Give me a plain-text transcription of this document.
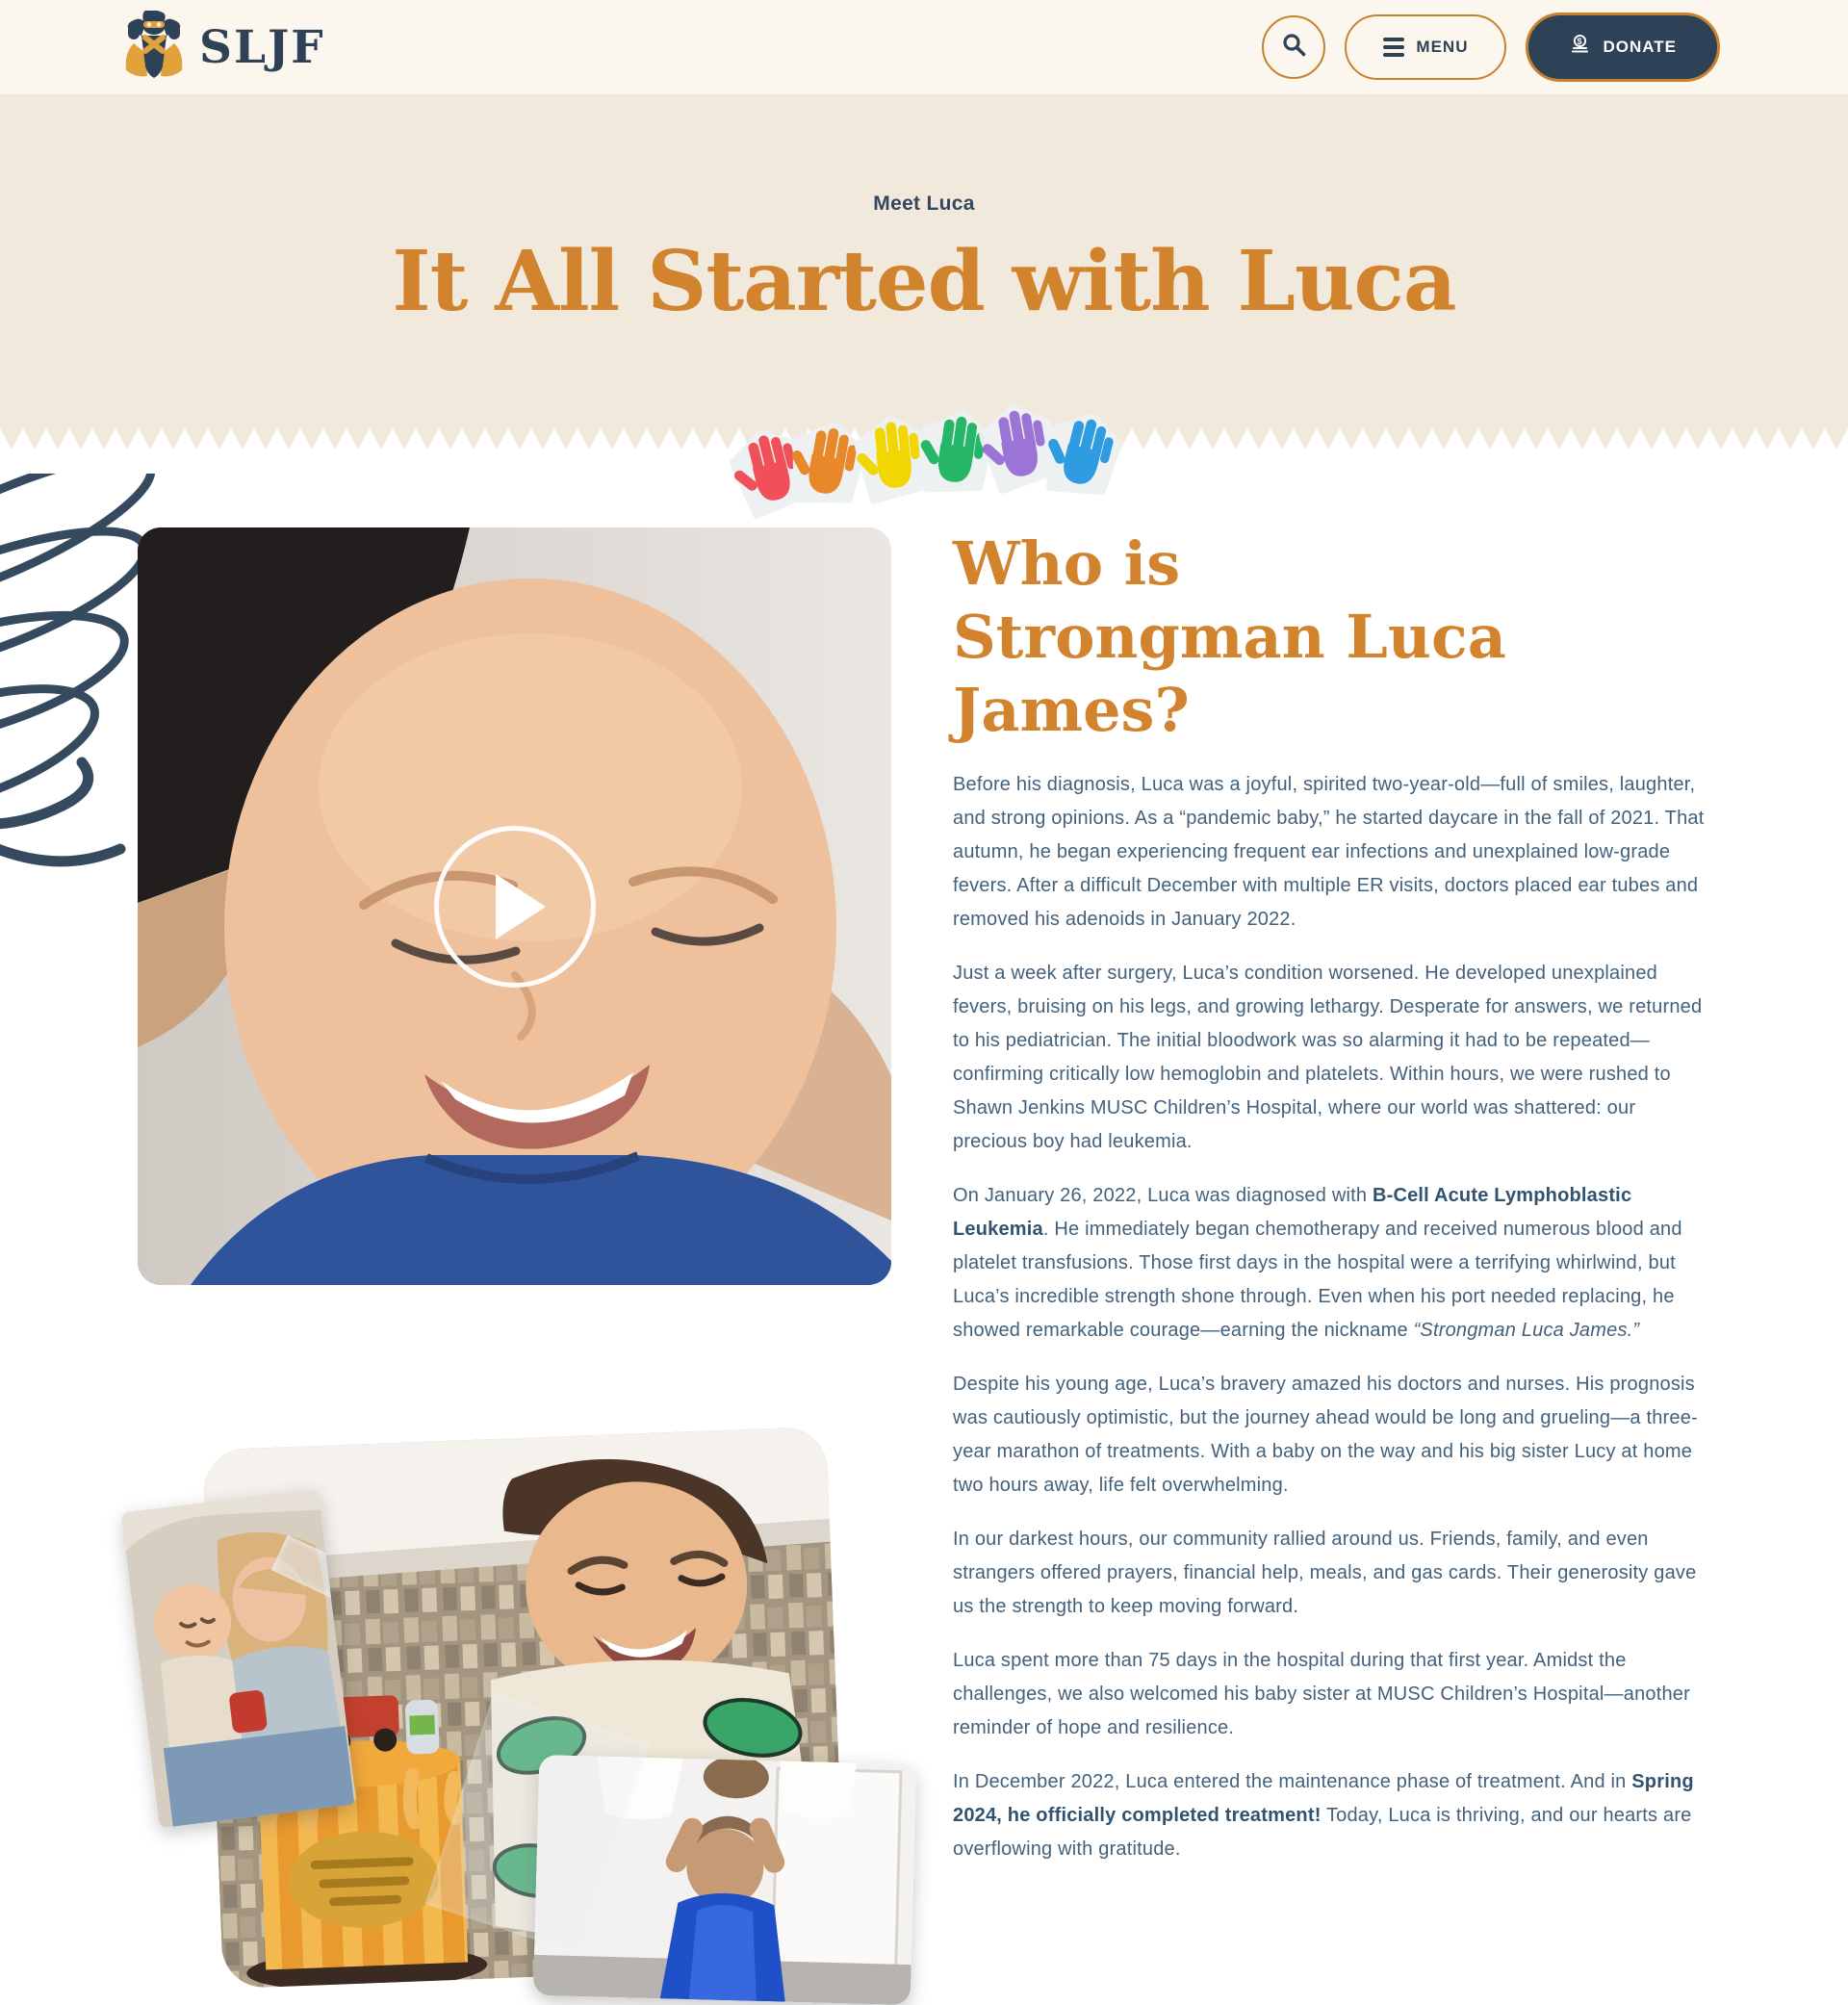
SLJF	MENU	$ DONATE
Meet Luca
It All Started with Luca
Who is
Strongman Luca
James?

Before his diagnosis, Luca was a joyful, spirited two-year-old—full of smiles, laughter, and strong opinions. As a “pandemic baby,” he started daycare in the fall of 2021. That autumn, he began experiencing frequent ear infections and unexplained low-grade fevers. After a difficult December with multiple ER visits, doctors placed ear tubes and removed his adenoids in January 2022.

Just a week after surgery, Luca’s condition worsened. He developed unexplained fevers, bruising on his legs, and growing lethargy. Desperate for answers, we returned to his pediatrician. The initial bloodwork was so alarming it had to be repeated—confirming critically low hemoglobin and platelets. Within hours, we were rushed to Shawn Jenkins MUSC Children’s Hospital, where our world was shattered: our precious boy had leukemia.

On January 26, 2022, Luca was diagnosed with B-Cell Acute Lymphoblastic Leukemia. He immediately began chemotherapy and received numerous blood and platelet transfusions. Those first days in the hospital were a terrifying whirlwind, but Luca’s incredible strength shone through. Even when his port needed replacing, he showed remarkable courage—earning the nickname “Strongman Luca James.”

Despite his young age, Luca’s bravery amazed his doctors and nurses. His prognosis was cautiously optimistic, but the journey ahead would be long and grueling—a three-year marathon of treatments. With a baby on the way and his big sister Lucy at home two hours away, life felt overwhelming.

In our darkest hours, our community rallied around us. Friends, family, and even strangers offered prayers, financial help, meals, and gas cards. Their generosity gave us the strength to keep moving forward.

Luca spent more than 75 days in the hospital during that first year. Amidst the challenges, we also welcomed his baby sister at MUSC Children’s Hospital—another reminder of hope and resilience.

In December 2022, Luca entered the maintenance phase of treatment. And in Spring 2024, he officially completed treatment! Today, Luca is thriving, and our hearts are overflowing with gratitude.
